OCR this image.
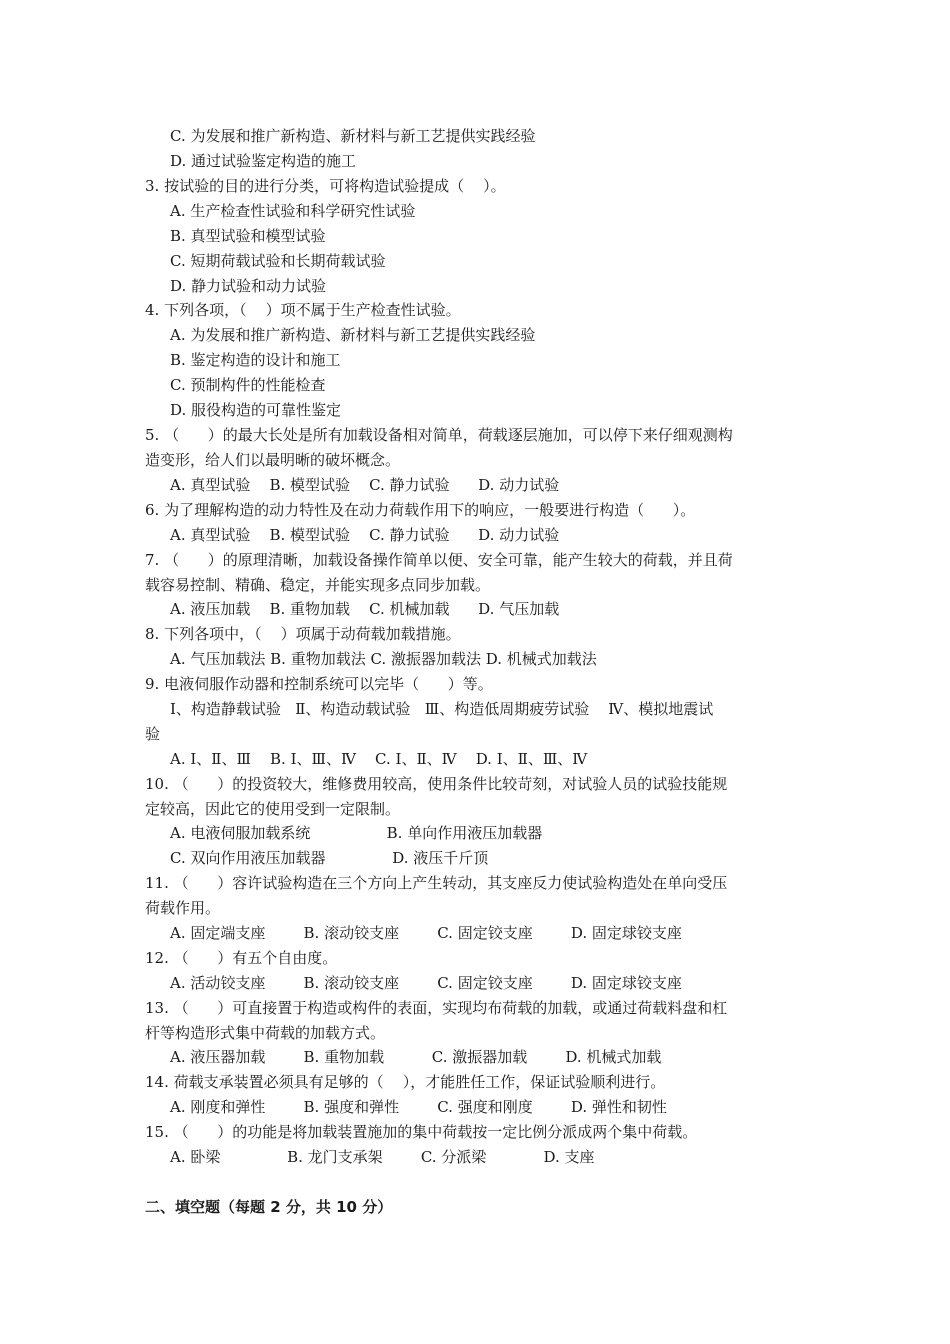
C. 为发展和推广新构造、新材料与新工艺提供实践经验
D. 通过试验鉴定构造的施工
3. 按试验的目的进行分类，可将构造试验提成（    ）。
A. 生产检查性试验和科学研究性试验
B. 真型试验和模型试验
C. 短期荷载试验和长期荷载试验
D. 静力试验和动力试验
4. 下列各项，（    ）项不属于生产检查性试验。
A. 为发展和推广新构造、新材料与新工艺提供实践经验
B. 鉴定构造的设计和施工
C. 预制构件的性能检查
D. 服役构造的可靠性鉴定
5. （      ）的最大长处是所有加载设备相对简单，荷载逐层施加，可以停下来仔细观测构
造变形，给人们以最明晰的破坏概念。
A. 真型试验    B. 模型试验    C. 静力试验      D. 动力试验
6. 为了理解构造的动力特性及在动力荷载作用下的响应，一般要进行构造（      ）。
A. 真型试验    B. 模型试验    C. 静力试验      D. 动力试验
7. （      ）的原理清晰，加载设备操作简单以便、安全可靠，能产生较大的荷载，并且荷
载容易控制、精确、稳定，并能实现多点同步加载。
A. 液压加载    B. 重物加载    C. 机械加载      D. 气压加载
8. 下列各项中，（    ）项属于动荷载加载措施。
A. 气压加载法 B. 重物加载法 C. 激振器加载法 D. 机械式加载法
9. 电液伺服作动器和控制系统可以完毕（      ）等。
Ⅰ、构造静载试验   Ⅱ、构造动载试验   Ⅲ、构造低周期疲劳试验    Ⅳ、模拟地震试
验
A. Ⅰ、Ⅱ、Ⅲ    B. Ⅰ、Ⅲ、Ⅳ    C. Ⅰ、Ⅱ、Ⅳ    D. Ⅰ、Ⅱ、Ⅲ、Ⅳ
10. （      ）的投资较大，维修费用较高，使用条件比较苛刻，对试验人员的试验技能规
定较高，因此它的使用受到一定限制。
A. 电液伺服加载系统                B. 单向作用液压加载器
C. 双向作用液压加载器              D. 液压千斤顶
11. （      ）容许试验构造在三个方向上产生转动，其支座反力使试验构造处在单向受压
荷载作用。
A. 固定端支座        B. 滚动铰支座        C. 固定铰支座        D. 固定球铰支座
12. （      ）有五个自由度。
A. 活动铰支座        B. 滚动铰支座        C. 固定铰支座        D. 固定球铰支座
13. （      ）可直接置于构造或构件的表面，实现均布荷载的加载，或通过荷载料盘和杠
杆等构造形式集中荷载的加载方式。
A. 液压器加载        B. 重物加载          C. 激振器加载        D. 机械式加载
14. 荷载支承装置必须具有足够的（    ），才能胜任工作，保证试验顺利进行。
A. 刚度和弹性        B. 强度和弹性        C. 强度和刚度        D. 弹性和韧性
15. （      ）的功能是将加载装置施加的集中荷载按一定比例分派成两个集中荷载。
A. 卧梁              B. 龙门支承架        C. 分派梁            D. 支座
二、填空题（每题 2 分，共 10 分）
